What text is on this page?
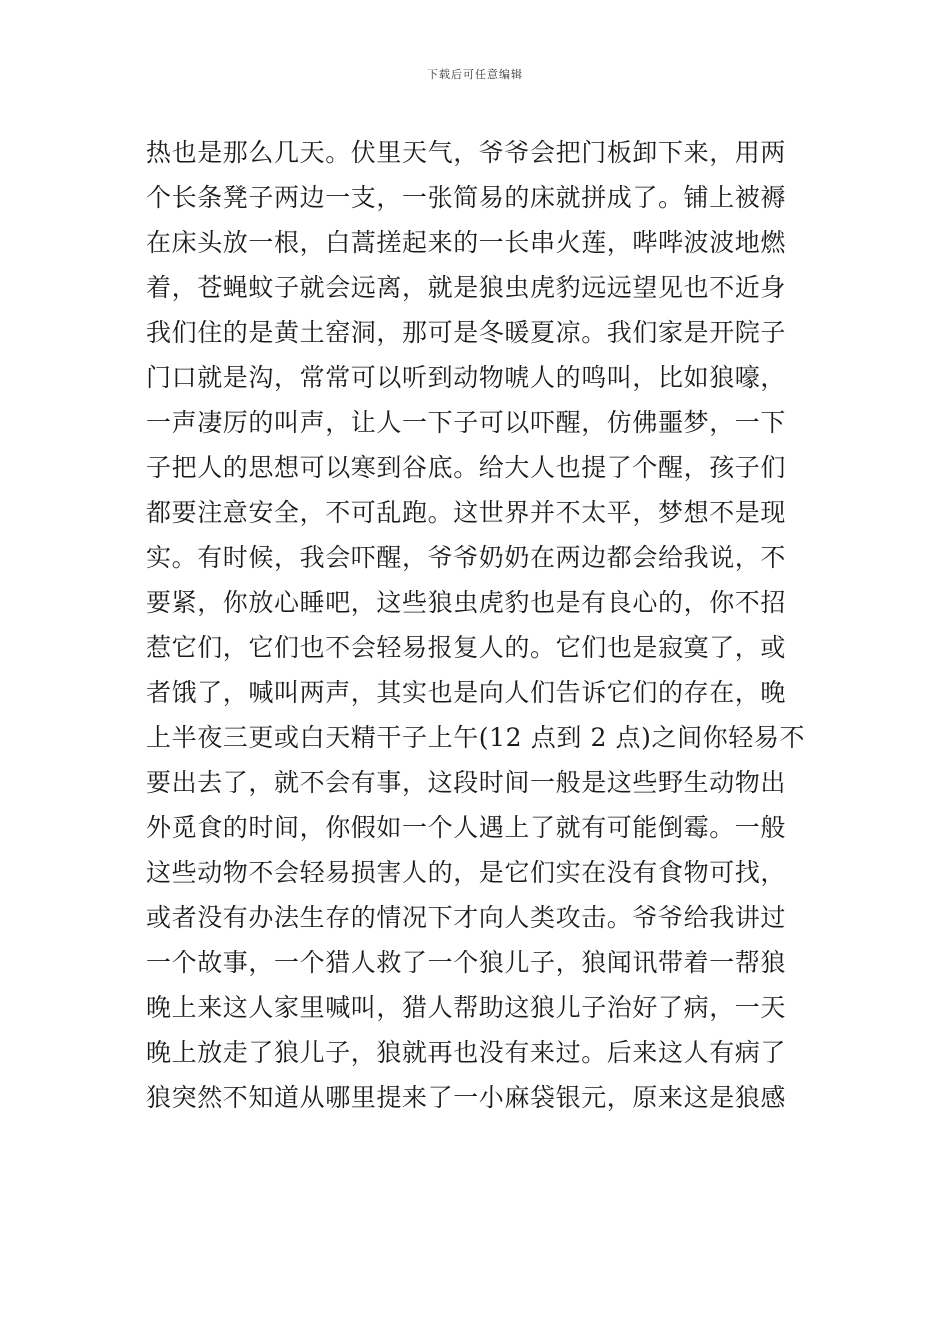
下载后可任意编辑
热也是那么几天。伏里天气，爷爷会把门板卸下来，用两
个长条凳子两边一支，一张简易的床就拼成了。铺上被褥
在床头放一根，白蒿搓起来的一长串火莲，哔哔波波地燃
着，苍蝇蚊子就会远离，就是狼虫虎豹远远望见也不近身
我们住的是黄土窑洞，那可是冬暖夏凉。我们家是开院子
门口就是沟，常常可以听到动物唬人的鸣叫，比如狼嚎，
一声凄厉的叫声，让人一下子可以吓醒，仿佛噩梦，一下
子把人的思想可以寒到谷底。给大人也提了个醒，孩子们
都要注意安全，不可乱跑。这世界并不太平，梦想不是现
实。有时候，我会吓醒，爷爷奶奶在两边都会给我说，不
要紧，你放心睡吧，这些狼虫虎豹也是有良心的，你不招
惹它们，它们也不会轻易报复人的。它们也是寂寞了，或
者饿了，喊叫两声，其实也是向人们告诉它们的存在，晚
上半夜三更或白天精干子上午(12 点到 2 点)之间你轻易不
要出去了，就不会有事，这段时间一般是这些野生动物出
外觅食的时间，你假如一个人遇上了就有可能倒霉。一般
这些动物不会轻易损害人的，是它们实在没有食物可找，
或者没有办法生存的情况下才向人类攻击。爷爷给我讲过
一个故事，一个猎人救了一个狼儿子，狼闻讯带着一帮狼
晚上来这人家里喊叫，猎人帮助这狼儿子治好了病，一天
晚上放走了狼儿子，狼就再也没有来过。后来这人有病了
狼突然不知道从哪里提来了一小麻袋银元，原来这是狼感
